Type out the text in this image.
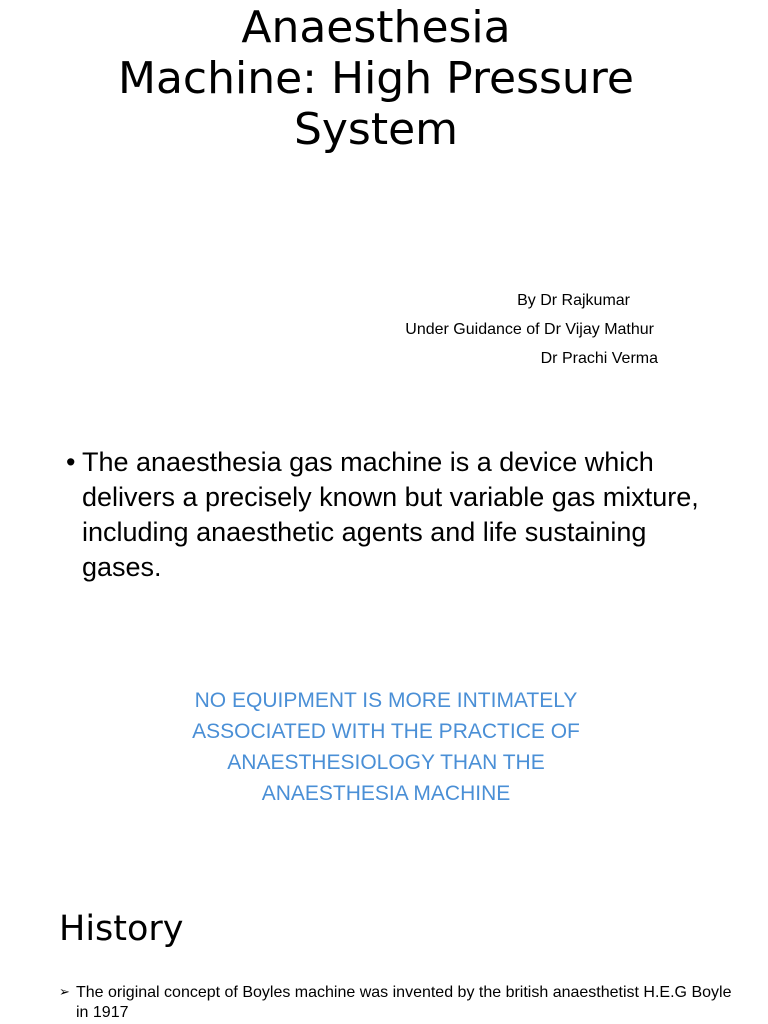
Anaesthesia
Machine: High Pressure
System
By Dr Rajkumar
Under Guidance of Dr Vijay Mathur
Dr Prachi Verma
• The anaesthesia gas machine is a device which delivers a precisely known but variable gas mixture, including anaesthetic agents and life sustaining gases.
NO EQUIPMENT IS MORE INTIMATELY ASSOCIATED WITH THE PRACTICE OF ANAESTHESIOLOGY THAN THE ANAESTHESIA MACHINE
History
➢ The original concept of Boyles machine was invented by the british anaesthetist H.E.G Boyle in 1917
